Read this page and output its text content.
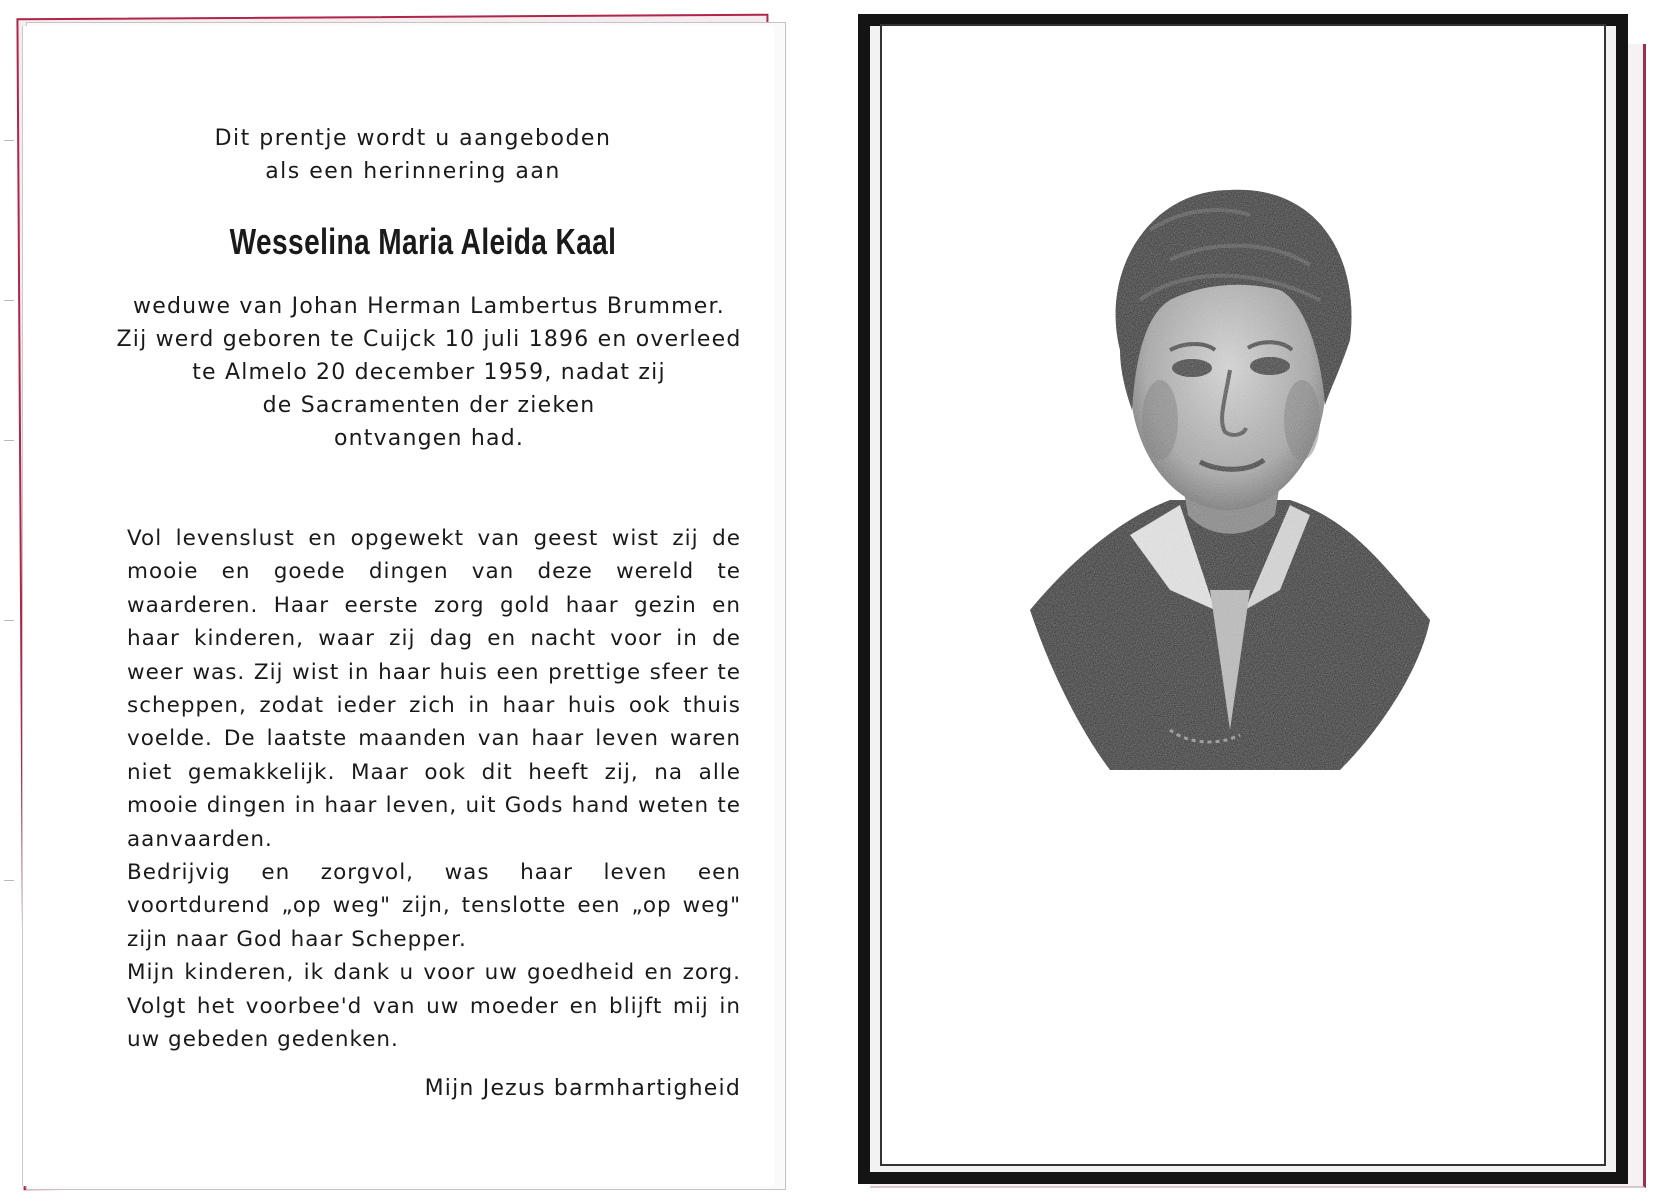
Dit prentje wordt u aangeboden
als een herinnering aan
Wesselina Maria Aleida Kaal
weduwe van Johan Herman Lambertus Brummer.
Zij werd geboren te Cuijck 10 juli 1896 en overleed
te Almelo 20 december 1959, nadat zij
de Sacramenten der zieken
ontvangen had.

Vol levenslust en opgewekt van geest wist zij de mooie en goede dingen van deze wereld te waarderen. Haar eerste zorg gold haar gezin en haar kinderen, waar zij dag en nacht voor in de weer was. Zij wist in haar huis een prettige sfeer te scheppen, zodat ieder zich in haar huis ook thuis voelde. De laatste maanden van haar leven waren niet gemakkelijk. Maar ook dit heeft zij, na alle mooie dingen in haar leven, uit Gods hand weten te aanvaarden.

Bedrijvig en zorgvol, was haar leven een voortdurend „op weg" zijn, tenslotte een „op weg" zijn naar God haar Schepper.

Mijn kinderen, ik dank u voor uw goedheid en zorg. Volgt het voorbee'd van uw moeder en blijft mij in uw gebeden gedenken.

Mijn Jezus barmhartigheid
